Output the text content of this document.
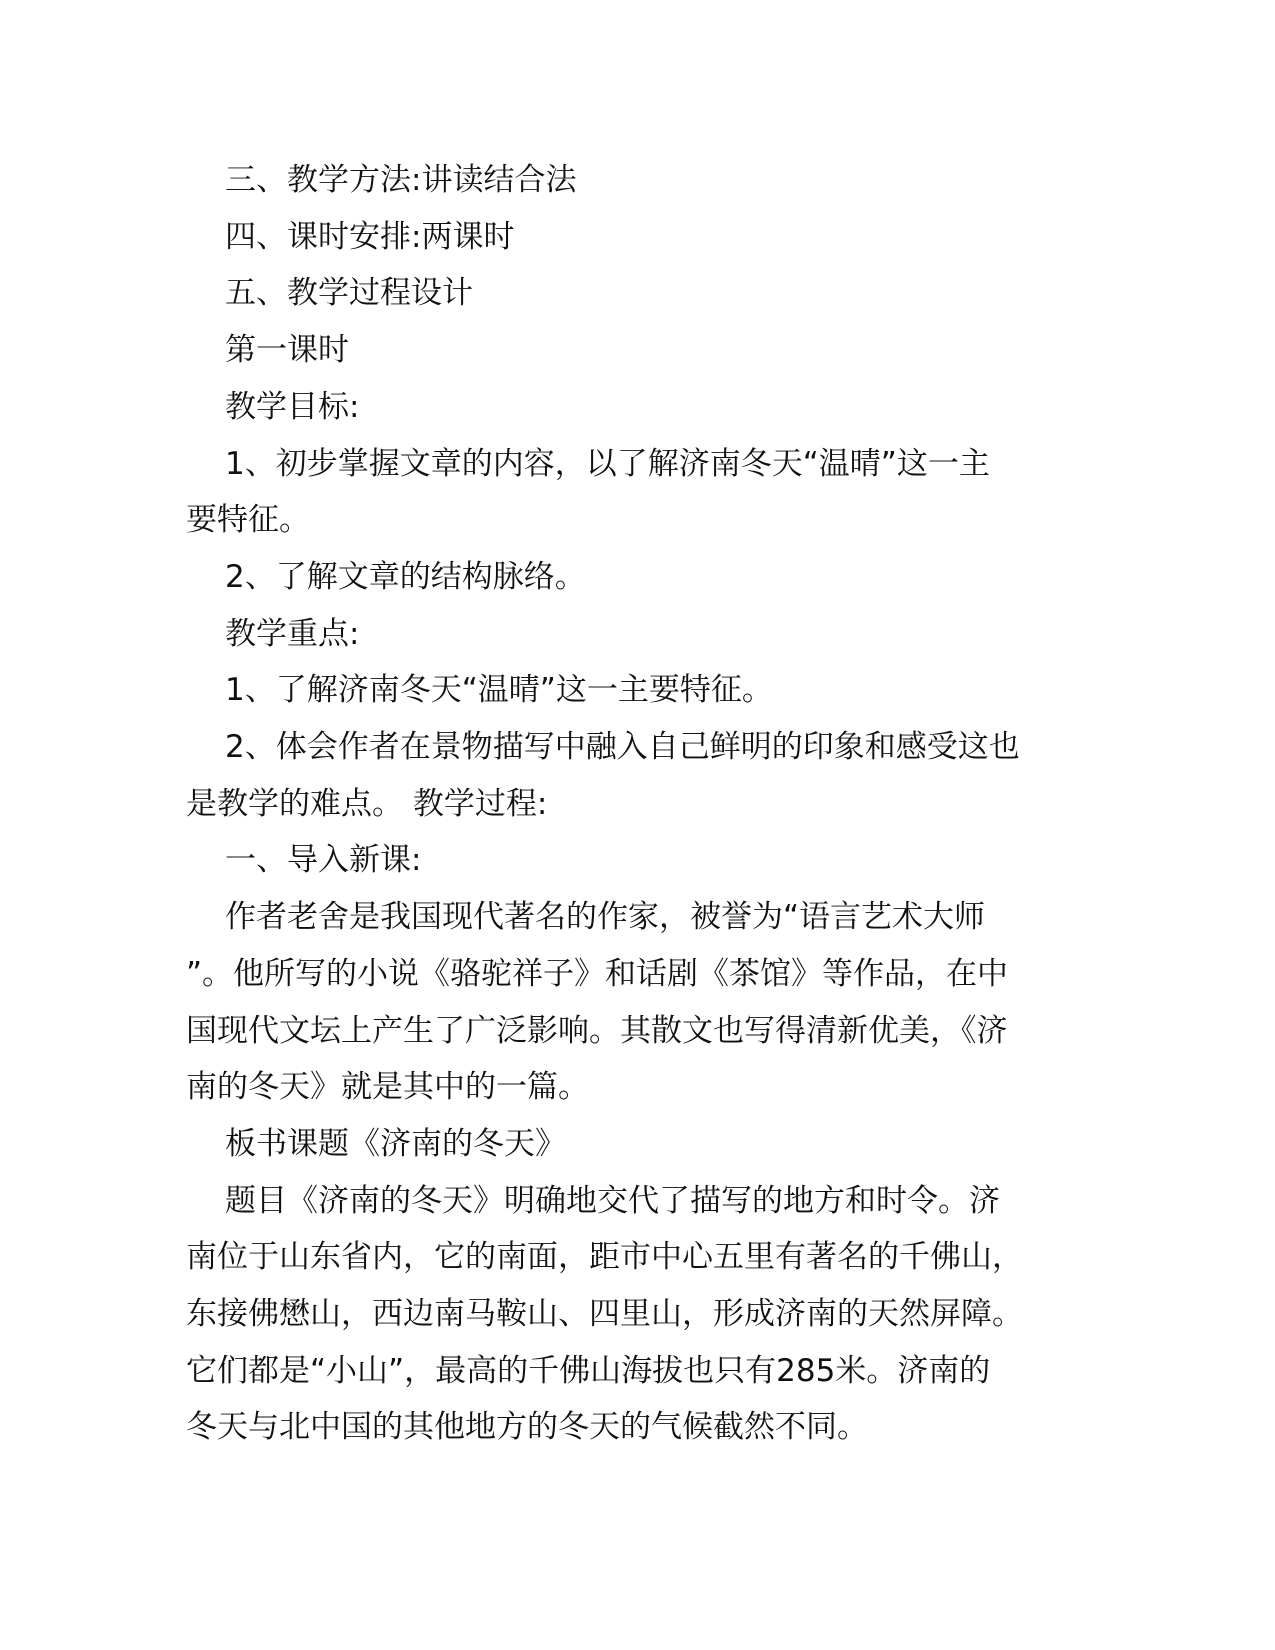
三、教学方法:讲读结合法
四、课时安排:两课时
五、教学过程设计
第一课时
教学目标:
1、初步掌握文章的内容，以了解济南冬天“温晴”这一主
要特征。
2、了解文章的结构脉络。
教学重点:
1、了解济南冬天“温晴”这一主要特征。
2、体会作者在景物描写中融入自己鲜明的印象和感受这也
是教学的难点。 教学过程:
一、导入新课:
作者老舍是我国现代著名的作家，被誉为“语言艺术大师
”。他所写的小说《骆驼祥子》和话剧《茶馆》等作品，在中
国现代文坛上产生了广泛影响。其散文也写得清新优美，《济
南的冬天》就是其中的一篇。
板书课题《济南的冬天》
题目《济南的冬天》明确地交代了描写的地方和时令。济
南位于山东省内，它的南面，距市中心五里有著名的千佛山，
东接佛懋山，西边南马鞍山、四里山，形成济南的天然屏障。
它们都是“小山”，最高的千佛山海拔也只有285米。济南的
冬天与北中国的其他地方的冬天的气候截然不同。
